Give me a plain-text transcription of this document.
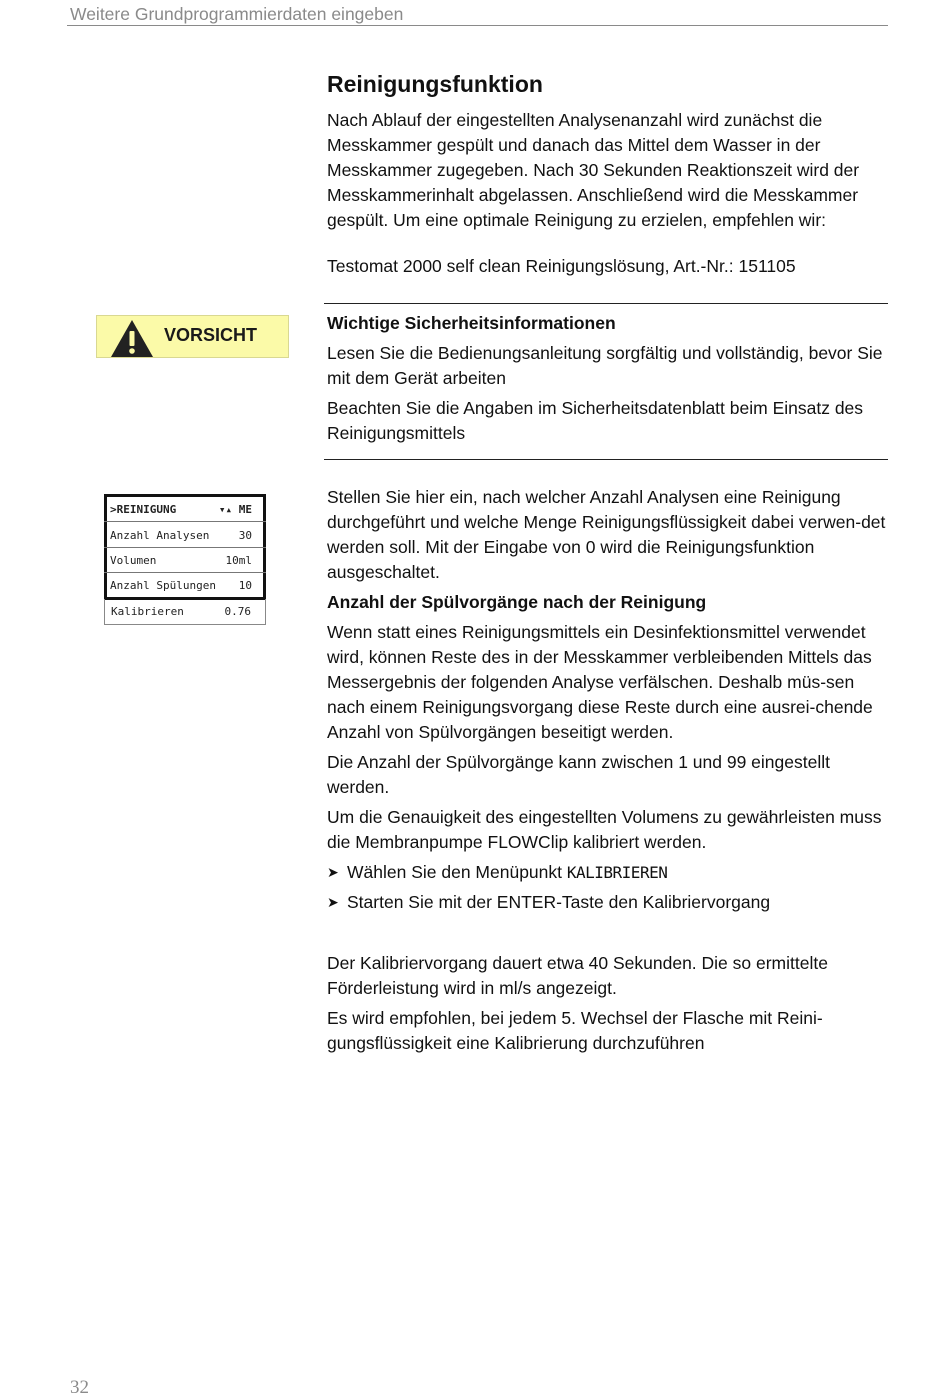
Weitere Grundprogrammierdaten eingeben
Reinigungsfunktion

Nach Ablauf der eingestellten Analysenanzahl wird zunächst die Messkammer gespült und danach das Mittel dem Wasser in der Messkammer zugegeben. Nach 30 Sekunden Reaktionszeit wird der Messkammerinhalt abgelassen. Anschließend wird die Messkammer gespült. Um eine optimale Reinigung zu erzielen, empfehlen wir:

Testomat 2000 self clean Reinigungslösung, Art.-Nr.: 151105

VORSICHT

Wichtige Sicherheitsinformationen

Lesen Sie die Bedienungsanleitung sorgfältig und vollständig, bevor Sie mit dem Gerät arbeiten

Beachten Sie die Angaben im Sicherheitsdatenblatt beim Einsatz des Reinigungsmittels

>REINIGUNG	▾▴ ME
Anzahl Analysen	30
Volumen	10ml
Anzahl Spülungen 10
Kalibrieren	0.76

Stellen Sie hier ein, nach welcher Anzahl Analysen eine Reinigung durchgeführt und welche Menge Reinigungsflüssigkeit dabei verwen-det werden soll. Mit der Eingabe von 0 wird die Reinigungsfunktion ausgeschaltet.

Anzahl der Spülvorgänge nach der Reinigung

Wenn statt eines Reinigungsmittels ein Desinfektionsmittel verwendet wird, können Reste des in der Messkammer verbleibenden Mittels das Messergebnis der folgenden Analyse verfälschen. Deshalb müs-sen nach einem Reinigungsvorgang diese Reste durch eine ausrei-chende Anzahl von Spülvorgängen beseitigt werden.

Die Anzahl der Spülvorgänge kann zwischen 1 und 99 eingestellt werden.

Um die Genauigkeit des eingestellten Volumens zu gewährleisten muss die Membranpumpe FLOWClip kalibriert werden.

➤ Wählen Sie den Menüpunkt KALIBRIEREN
➤ Starten Sie mit der ENTER-Taste den Kalibriervorgang

Der Kalibriervorgang dauert etwa 40 Sekunden. Die so ermittelte Förderleistung wird in ml/s angezeigt.

Es wird empfohlen, bei jedem 5. Wechsel der Flasche mit Reini-gungsflüssigkeit eine Kalibrierung durchzuführen

32
